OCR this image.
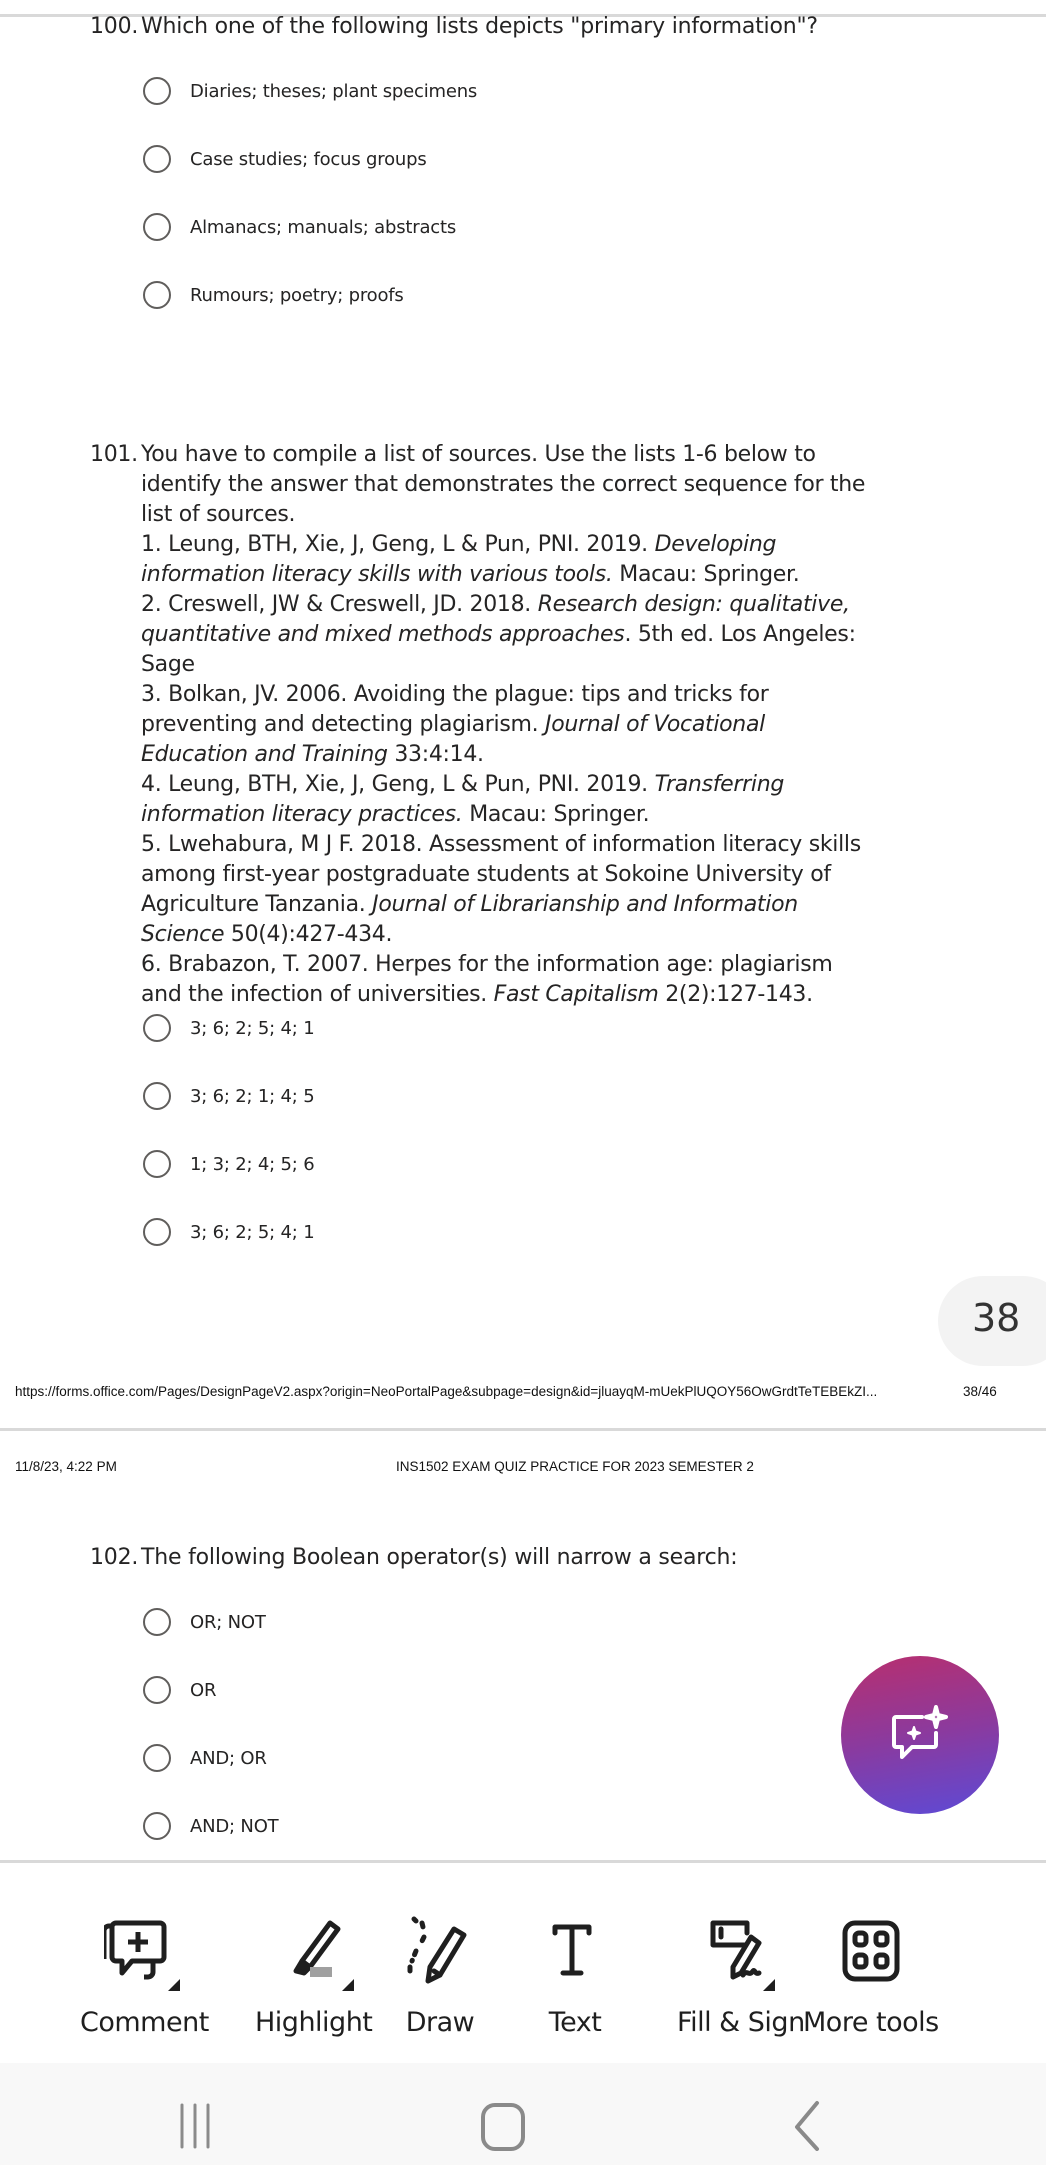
100. Which one of the following lists depicts "primary information"?
Diaries; theses; plant specimens
Case studies; focus groups
Almanacs; manuals; abstracts
Rumours; poetry; proofs
101. You have to compile a list of sources. Use the lists 1-6 below to identify the answer that demonstrates the correct sequence for the list of sources.
1. Leung, BTH, Xie, J, Geng, L & Pun, PNI. 2019. Developing information literacy skills with various tools. Macau: Springer.
2. Creswell, JW & Creswell, JD. 2018. Research design: qualitative, quantitative and mixed methods approaches. 5th ed. Los Angeles: Sage
3. Bolkan, JV. 2006. Avoiding the plague: tips and tricks for preventing and detecting plagiarism. Journal of Vocational Education and Training 33:4:14.
4. Leung, BTH, Xie, J, Geng, L & Pun, PNI. 2019. Transferring information literacy practices. Macau: Springer.
5. Lwehabura, M J F. 2018. Assessment of information literacy skills among first-year postgraduate students at Sokoine University of Agriculture Tanzania. Journal of Librarianship and Information Science 50(4):427-434.
6. Brabazon, T. 2007. Herpes for the information age: plagiarism and the infection of universities. Fast Capitalism 2(2):127-143.
3; 6; 2; 5; 4; 1
3; 6; 2; 1; 4; 5
1; 3; 2; 4; 5; 6
3; 6; 2; 5; 4; 1
38
https://forms.office.com/Pages/DesignPageV2.aspx?origin=NeoPortalPage&subpage=design&id=jluayqM-mUekPlUQOY56OwGrdtTeTEBEkZI...	38/46
11/8/23, 4:22 PM	INS1502 EXAM QUIZ PRACTICE FOR 2023 SEMESTER 2
102. The following Boolean operator(s) will narrow a search:
OR; NOT
OR
AND; OR
AND; NOT
Comment Highlight Draw	Text	Fill & Sign
More tools
